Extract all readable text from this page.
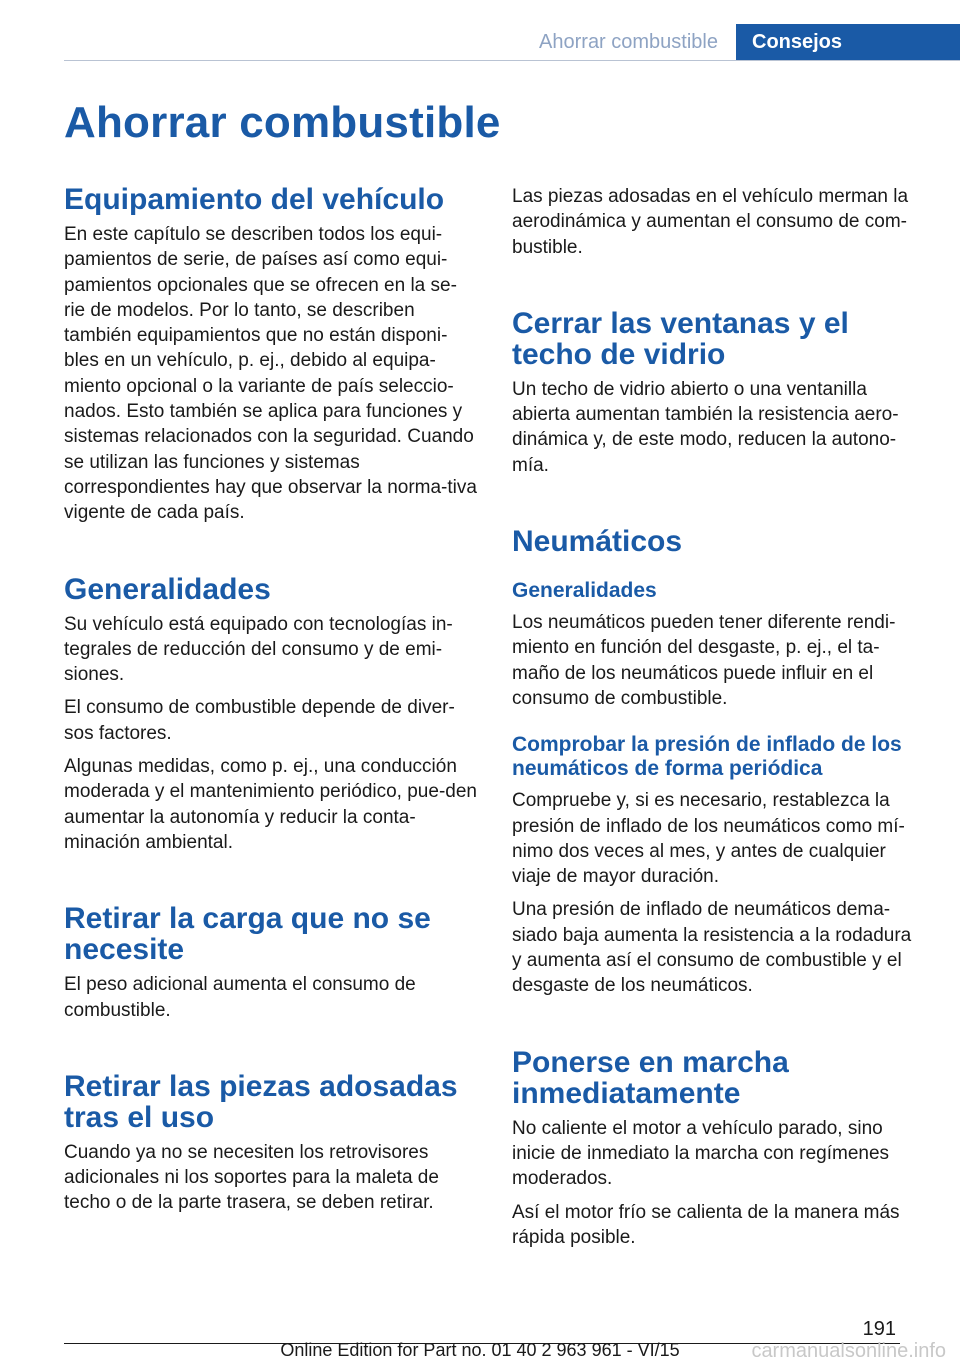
Ahorrar combustible	Consejos
Ahorrar combustible
Equipamiento del vehículo

En este capítulo se describen todos los equi-pamientos de serie, de países así como equi-pamientos opcionales que se ofrecen en la se-rie de modelos. Por lo tanto, se describen también equipamientos que no están disponi-bles en un vehículo, p. ej., debido al equipa-miento opcional o la variante de país seleccio-nados. Esto también se aplica para funciones y sistemas relacionados con la seguridad. Cuando se utilizan las funciones y sistemas correspondientes hay que observar la norma-tiva vigente de cada país.

Generalidades

Su vehículo está equipado con tecnologías in-tegrales de reducción del consumo y de emi-siones.

El consumo de combustible depende de diver-sos factores.

Algunas medidas, como p. ej., una conducción moderada y el mantenimiento periódico, pue-den aumentar la autonomía y reducir la conta-minación ambiental.

Retirar la carga que no se necesite

El peso adicional aumenta el consumo de combustible.

Retirar las piezas adosadas tras el uso

Cuando ya no se necesiten los retrovisores adicionales ni los soportes para la maleta de techo o de la parte trasera, se deben retirar.

Las piezas adosadas en el vehículo merman la aerodinámica y aumentan el consumo de com-bustible.

Cerrar las ventanas y el techo de vidrio

Un techo de vidrio abierto o una ventanilla abierta aumentan también la resistencia aero-dinámica y, de este modo, reducen la autono-mía.

Neumáticos
Generalidades

Los neumáticos pueden tener diferente rendi-miento en función del desgaste, p. ej., el ta-maño de los neumáticos puede influir en el consumo de combustible.

Comprobar la presión de inflado de los neumáticos de forma periódica

Compruebe y, si es necesario, restablezca la presión de inflado de los neumáticos como mí-nimo dos veces al mes, y antes de cualquier viaje de mayor duración.

Una presión de inflado de neumáticos dema-siado baja aumenta la resistencia a la rodadura y aumenta así el consumo de combustible y el desgaste de los neumáticos.

Ponerse en marcha inmediatamente

No caliente el motor a vehículo parado, sino inicie de inmediato la marcha con regímenes moderados.

Así el motor frío se calienta de la manera más rápida posible.

191
Online Edition for Part no. 01 40 2 963 961 - VI/15	carmanualsonline.info
